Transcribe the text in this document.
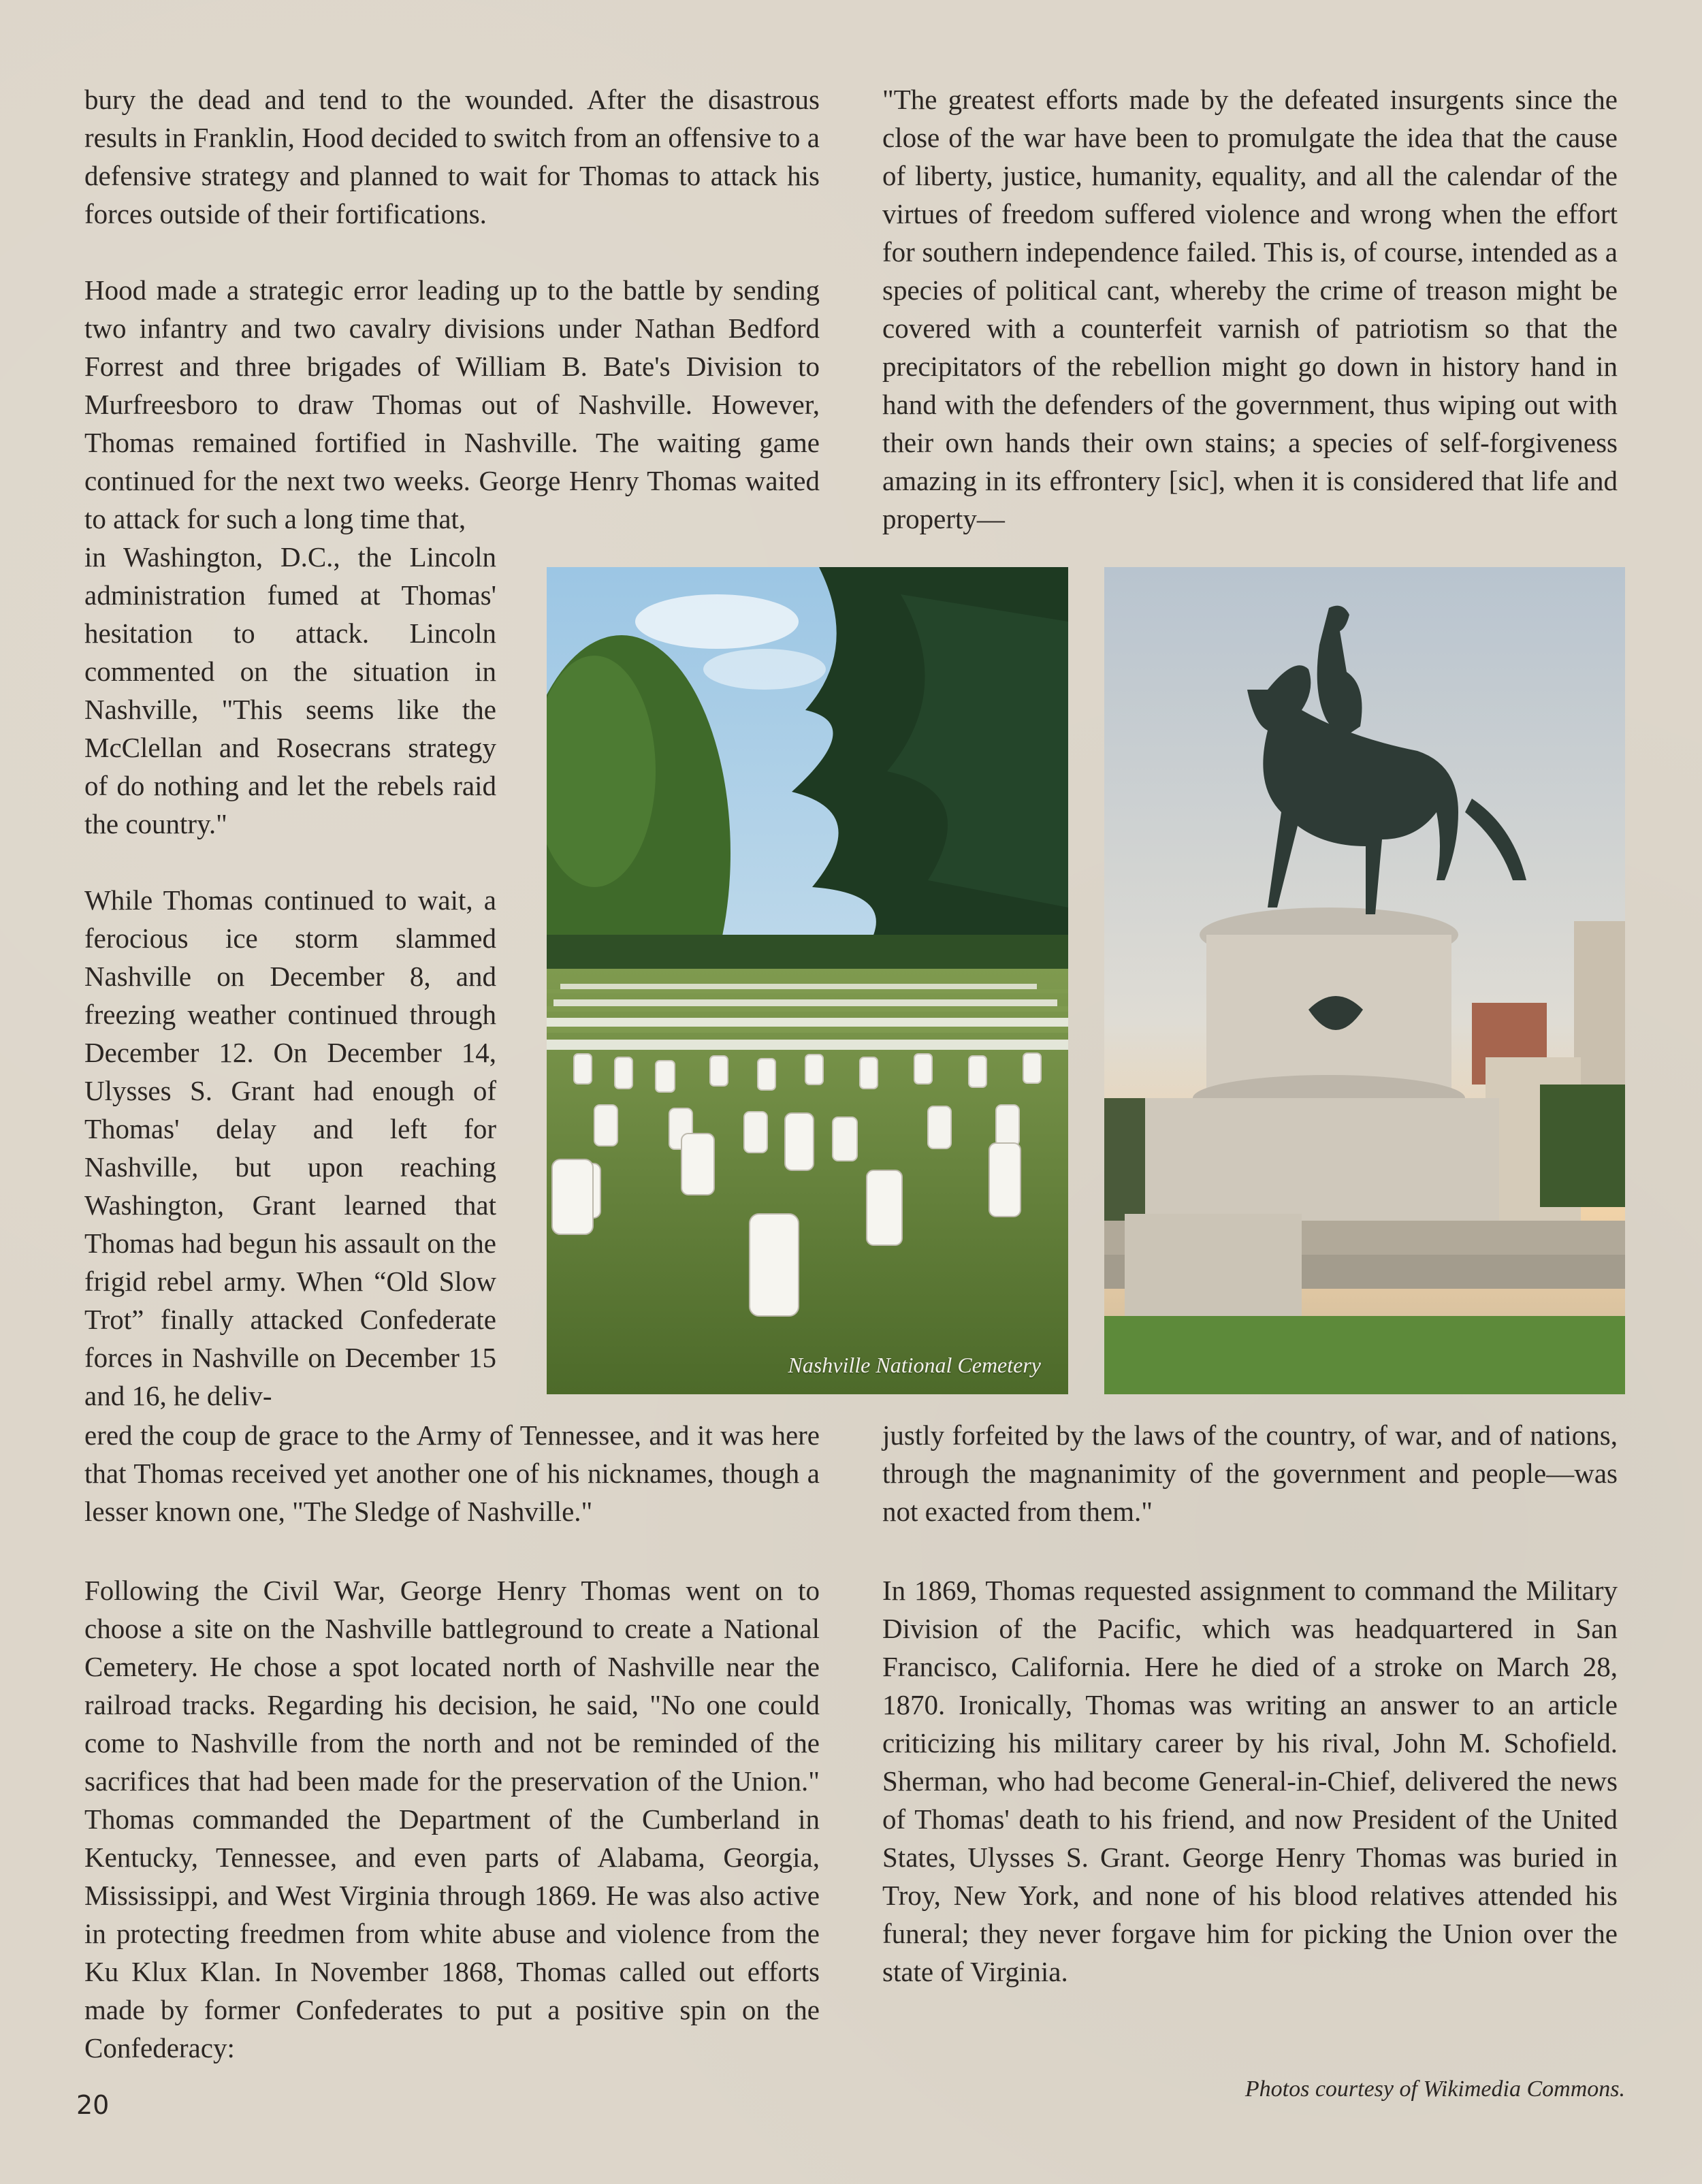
bury the dead and tend to the wounded. After the disastrous results in Franklin, Hood decided to switch from an offensive to a defensive strategy and planned to wait for Thomas to attack his forces outside of their fortifications.

Hood made a strategic error leading up to the battle by sending two infantry and two cavalry divisions under Nathan Bedford Forrest and three brigades of William B. Bate's Division to Murfreesboro to draw Thomas out of Nashville. However, Thomas remained fortified in Nashville. The waiting game continued for the next two weeks. George Henry Thomas waited to attack for such a long time that,

in Washington, D.C., the Lincoln administration fumed at Thomas' hesitation to attack. Lincoln commented on the situation in Nashville, "This seems like the McClellan and Rosecrans strategy of do nothing and let the rebels raid the country."

While Thomas continued to wait, a ferocious ice storm slammed Nashville on December 8, and freezing weather continued through December 12. On December 14, Ulysses S. Grant had enough of Thomas' delay and left for Nashville, but upon reaching Washington, Grant learned that Thomas had begun his assault on the frigid rebel army. When “Old Slow Trot” finally attacked Confederate forces in Nashville on December 15 and 16, he deliv-

ered the coup de grace to the Army of Tennessee, and it was here that Thomas received yet another one of his nicknames, though a lesser known one, "The Sledge of Nashville."

Following the Civil War, George Henry Thomas went on to choose a site on the Nashville battleground to create a National Cemetery. He chose a spot located north of Nashville near the railroad tracks. Regarding his decision, he said, "No one could come to Nashville from the north and not be reminded of the sacrifices that had been made for the preservation of the Union." Thomas commanded the Department of the Cumberland in Kentucky, Tennessee, and even parts of Alabama, Georgia, Mississippi, and West Virginia through 1869. He was also active in protecting freedmen from white abuse and violence from the Ku Klux Klan. In November 1868, Thomas called out efforts made by former Confederates to put a positive spin on the Confederacy:

"The greatest efforts made by the defeated insurgents since the close of the war have been to promulgate the idea that the cause of liberty, justice, humanity, equality, and all the calendar of the virtues of freedom suffered violence and wrong when the effort for southern independence failed. This is, of course, intended as a species of political cant, whereby the crime of treason might be covered with a counterfeit varnish of patriotism so that the precipitators of the rebellion might go down in history hand in hand with the defenders of the government, thus wiping out with their own hands their own stains; a species of self-forgiveness amazing in its effrontery [sic], when it is considered that life and property—

justly forfeited by the laws of the country, of war, and of nations, through the magnanimity of the government and people—was not exacted from them."

In 1869, Thomas requested assignment to command the Military Division of the Pacific, which was headquartered in San Francisco, California. Here he died of a stroke on March 28, 1870. Ironically, Thomas was writing an answer to an article criticizing his military career by his rival, John M. Schofield. Sherman, who had become General-in-Chief, delivered the news of Thomas' death to his friend, and now President of the United States, Ulysses S. Grant. George Henry Thomas was buried in Troy, New York, and none of his blood relatives attended his funeral; they never forgave him for picking the Union over the state of Virginia.

Nashville National Cemetery
Photos courtesy of Wikimedia Commons.
20
